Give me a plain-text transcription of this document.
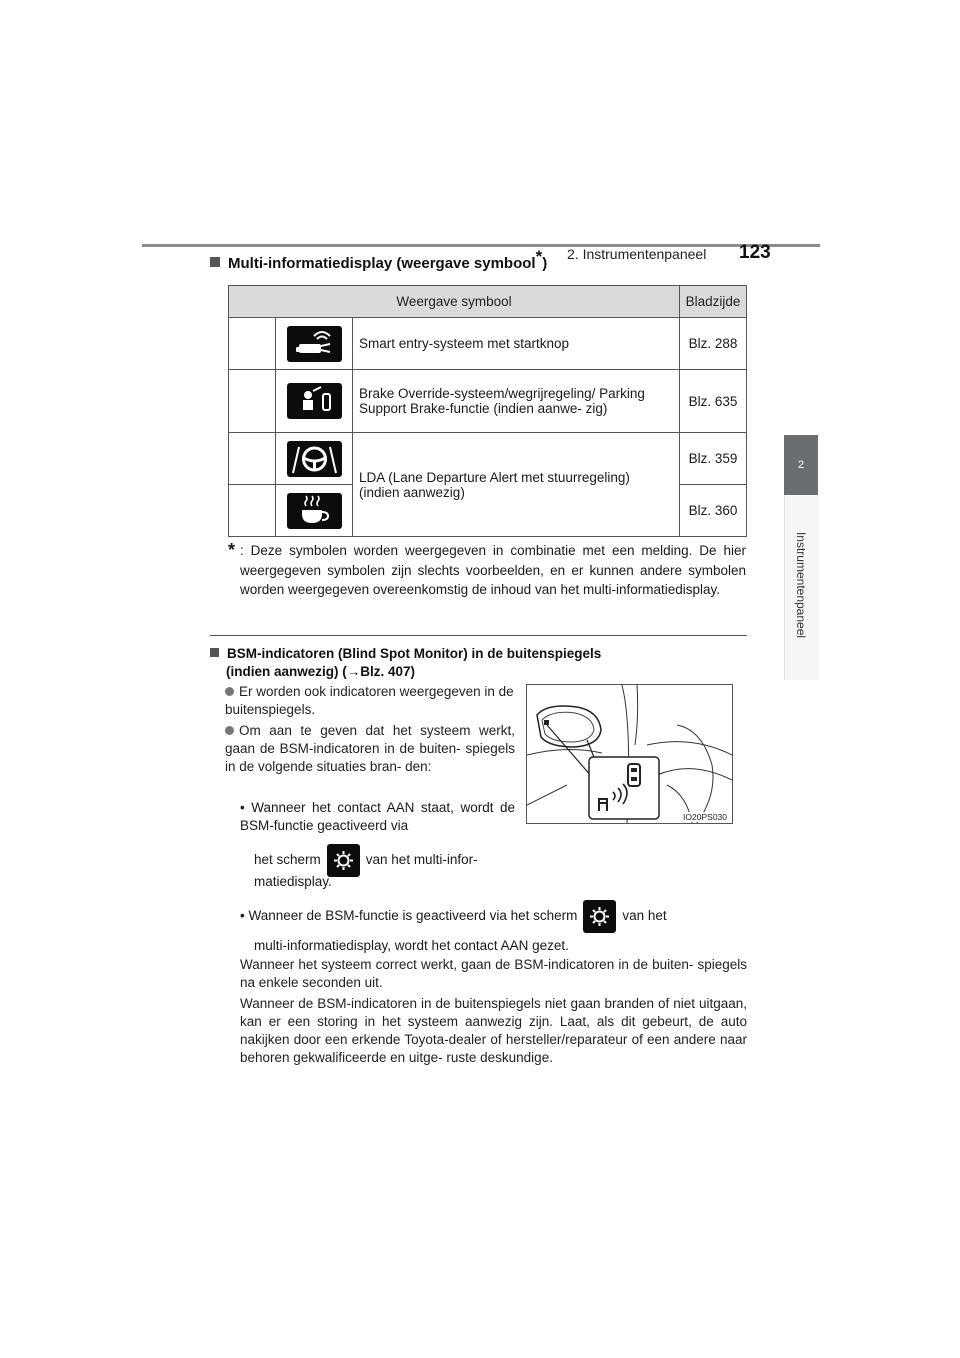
2. Instrumentenpaneel 123
2
Instrumentenpaneel
Multi-informatiedisplay (weergave symbool*)
Weergave symbool			Bladzijde

	Smart entry-systeem met startknop	Blz. 288

	Brake Override-systeem/wegrijregeling/ Parking Support Brake-functie (indien aanwe- zig)	Blz. 635

	LDA (Lane Departure Alert met stuurregeling) (indien aanwezig)	Blz. 359

	Blz. 360
* : Deze symbolen worden weergegeven in combinatie met een melding. De hier weergegeven symbolen zijn slechts voorbeelden, en er kunnen andere symbolen worden weergegeven overeenkomstig de inhoud van het multi-informatiedisplay.
BSM-indicatoren (Blind Spot Monitor) in de buitenspiegels
(indien aanwezig) (→Blz. 407)
Er worden ook indicatoren weergegeven in de buitenspiegels.
Om aan te geven dat het systeem werkt, gaan de BSM-indicatoren in de buiten- spiegels in de volgende situaties bran- den:
• Wanneer het contact AAN staat, wordt de BSM-functie geactiveerd via
het scherm	van het multi-infor-
matiedisplay.
• Wanneer de BSM-functie is geactiveerd via het scherm	van het
multi-informatiedisplay, wordt het contact AAN gezet.
Wanneer het systeem correct werkt, gaan de BSM-indicatoren in de buiten- spiegels na enkele seconden uit.
Wanneer de BSM-indicatoren in de buitenspiegels niet gaan branden of niet uitgaan, kan er een storing in het systeem aanwezig zijn. Laat, als dit gebeurt, de auto nakijken door een erkende Toyota-dealer of hersteller/reparateur of een andere naar behoren gekwalificeerde en uitge- ruste deskundige.
IO20PS030
